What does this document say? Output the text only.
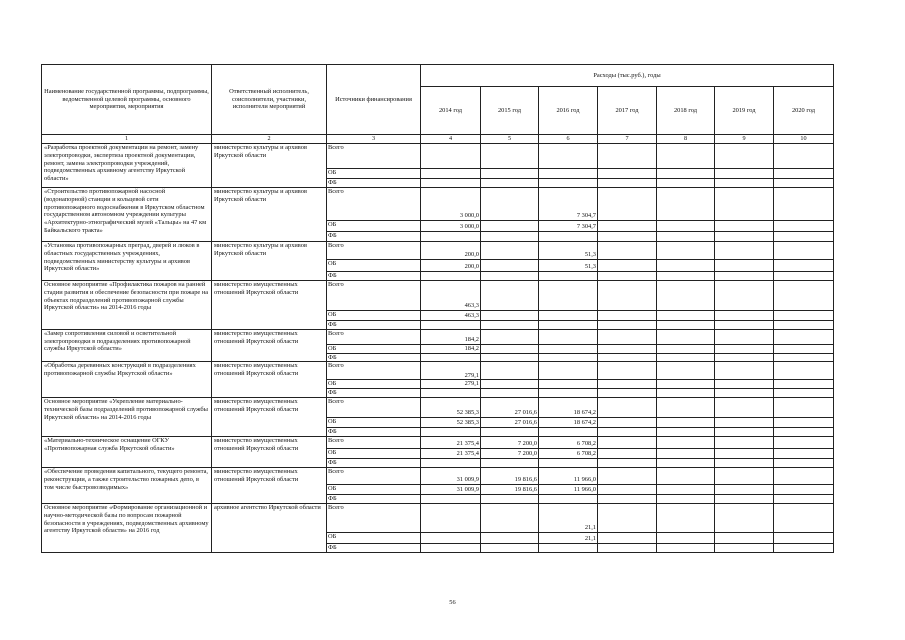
Наименование государственной программы, подпрограммы, ведомственной целевой программы, основного мероприятия, мероприятия	Ответственный исполнитель, соисполнители, участники, исполнители мероприятий	Источники финансирования	Расходы (тыс.руб.), годы						
			2014 год	2015 год	2016 год	2017 год	2018 год	2019 год	2020 год
1	2	3	4	5	6	7	8	9	10
«Разработка проектной документации на ремонт, замену электропроводки, экспертиза проектной документации, ремонт, замена электропроводки учреждений, подведомственных архивному агентству Иркутской области»	министерство культуры и архивов Иркутской области	Всего							
		ОБ							
		ФБ							
«Строительство противопожарной насосной (водонапорной) станции и кольцевой сети противопожарного водоснабжения в Иркутском областном государственном автономном учреждении культуры «Архитектурно-этнографический музей «Тальцы» на 47 км Байкальского тракта»	министерство культуры и архивов Иркутской области	Всего	3 000,0		7 304,7				
		ОБ	3 000,0		7 304,7				
		ФБ							
«Установка противопожарных преград, дверей и люков в областных государственных учреждениях, подведомственных министерству культуры и архивов Иркутской области»	министерство культуры и архивов Иркутской области	Всего	200,0		51,3				
		ОБ	200,0		51,3				
		ФБ							
Основное мероприятие «Профилактика пожаров на ранней стадии развития и обеспечение безопасности при пожаре на объектах подразделений противопожарной службы Иркутской области» на 2014-2016 годы	министерство имущественных отношений Иркутской области	Всего	463,3						
		ОБ	463,3						
		ФБ							
«Замер сопротивления силовой и осветительной электропроводки в подразделениях противопожарной службы Иркутской области»	министерство имущественных отношений Иркутской области	Всего	184,2						
		ОБ	184,2						
		ФБ							
«Обработка деревянных конструкций в подразделениях противопожарной службы Иркутской области»	министерство имущественных отношений Иркутской области	Всего	279,1						
		ОБ	279,1						
		ФБ							
Основное мероприятие «Укрепление материально-технической базы подразделений противопожарной службы Иркутской области» на 2014-2016 годы	министерство имущественных отношений Иркутской области	Всего	52 385,3	27 016,6	18 674,2				
		ОБ	52 385,3	27 016,6	18 674,2				
		ФБ							
«Материально-техническое оснащение ОГКУ «Противопожарная служба Иркутской области»	министерство имущественных отношений Иркутской области	Всего	21 375,4	7 200,0	6 708,2				
		ОБ	21 375,4	7 200,0	6 708,2				
		ФБ							
«Обеспечение проведения капитального, текущего ремонта, реконструкции, а также строительство пожарных депо, в том числе быстровозводимых»	министерство имущественных отношений Иркутской области	Всего	31 009,9	19 816,6	11 966,0				
		ОБ	31 009,9	19 816,6	11 966,0				
		ФБ							
Основное мероприятие «Формирование организационной и научно-методической базы по вопросам пожарной безопасности в учреждениях, подведомственных архивному агентству Иркутской области» на 2016 год	архивное агентство Иркутской области	Всего			21,1				
		ОБ			21,1				
		ФБ							
56
